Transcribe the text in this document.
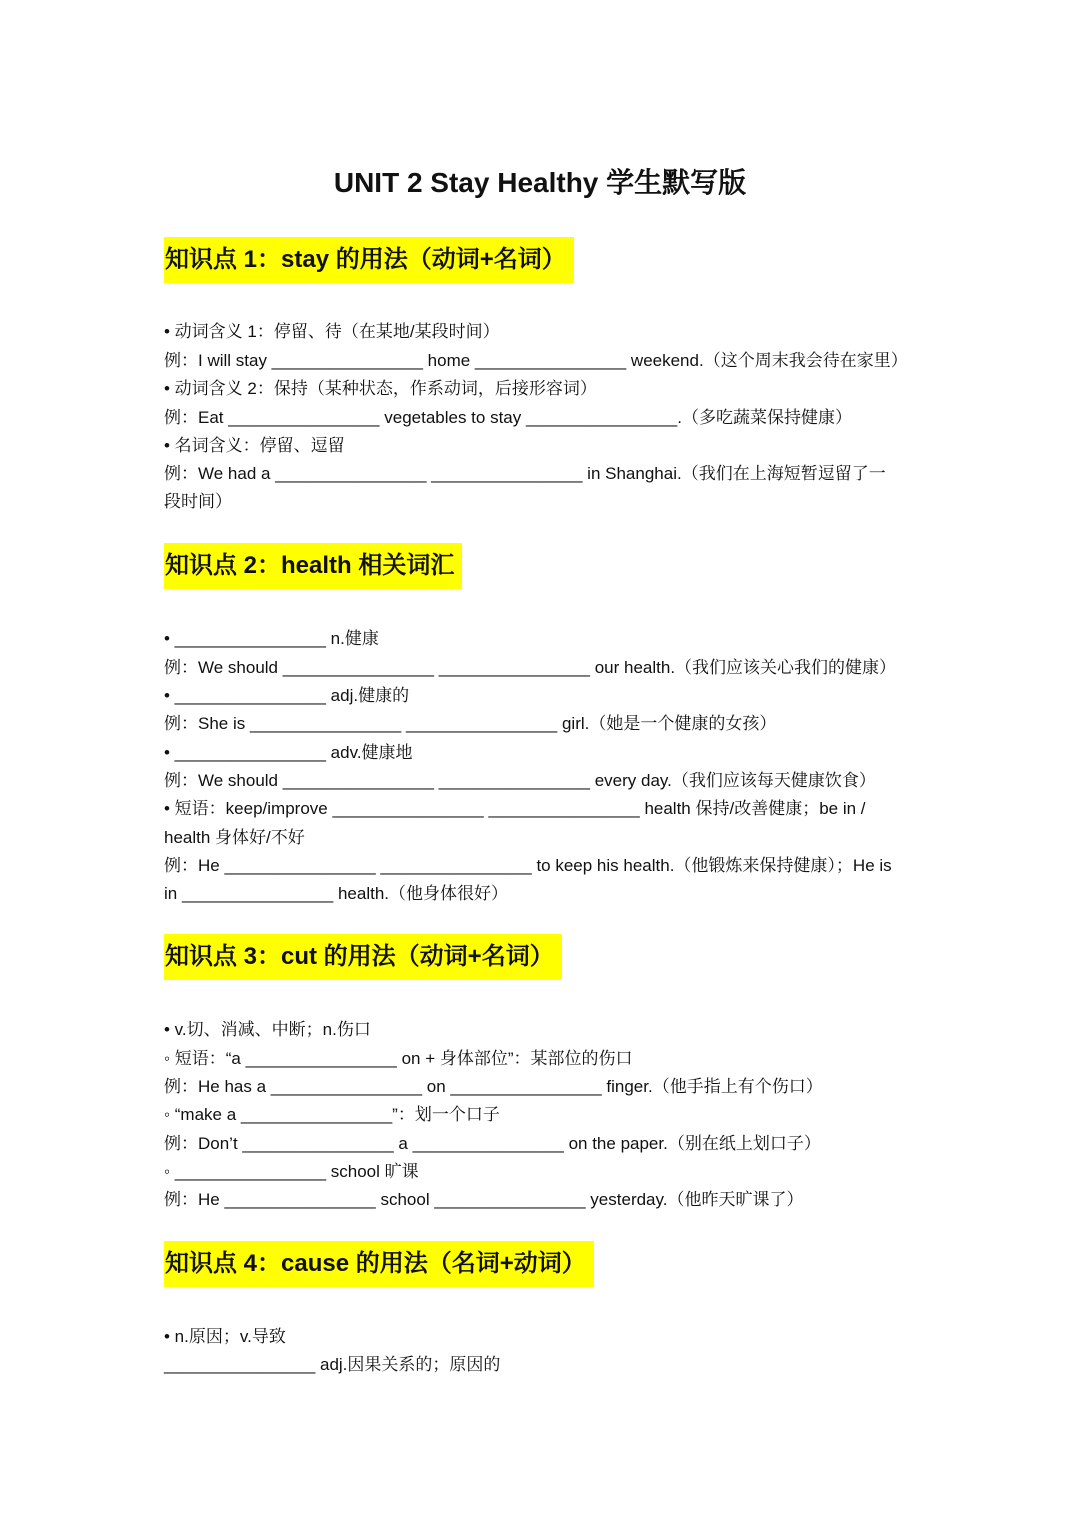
UNIT 2 Stay Healthy 学生默写版
知识点 1：stay 的用法（动词+名词）
• 动词含义 1：停留、待（在某地/某段时间）
例：I will stay ________________ home ________________ weekend.（这个周末我会待在家里）
• 动词含义 2：保持（某种状态，作系动词，后接形容词）
例：Eat ________________ vegetables to stay ________________.（多吃蔬菜保持健康）
• 名词含义：停留、逗留
例：We had a ________________ ________________ in Shanghai.（我们在上海短暂逗留了一
段时间）
知识点 2：health 相关词汇
• ________________ n.健康
例：We should ________________ ________________ our health.（我们应该关心我们的健康）
• ________________ adj.健康的
例：She is ________________ ________________ girl.（她是一个健康的女孩）
• ________________ adv.健康地
例：We should ________________ ________________ every day.（我们应该每天健康饮食）
• 短语：keep/improve ________________ ________________ health 保持/改善健康；be in /
health 身体好/不好
例：He ________________ ________________ to keep his health.（他锻炼来保持健康）；He is
in ________________ health.（他身体很好）
知识点 3：cut 的用法（动词+名词）
• v.切、消减、中断；n.伤口
◦ 短语：“a ________________ on + 身体部位”：某部位的伤口
例：He has a ________________ on ________________ finger.（他手指上有个伤口）
◦ “make a ________________”：划一个口子
例：Don’t ________________ a ________________ on the paper.（别在纸上划口子）
◦ ________________ school 旷课
例：He ________________ school ________________ yesterday.（他昨天旷课了）
知识点 4：cause 的用法（名词+动词）
• n.原因；v.导致
________________ adj.因果关系的；原因的
